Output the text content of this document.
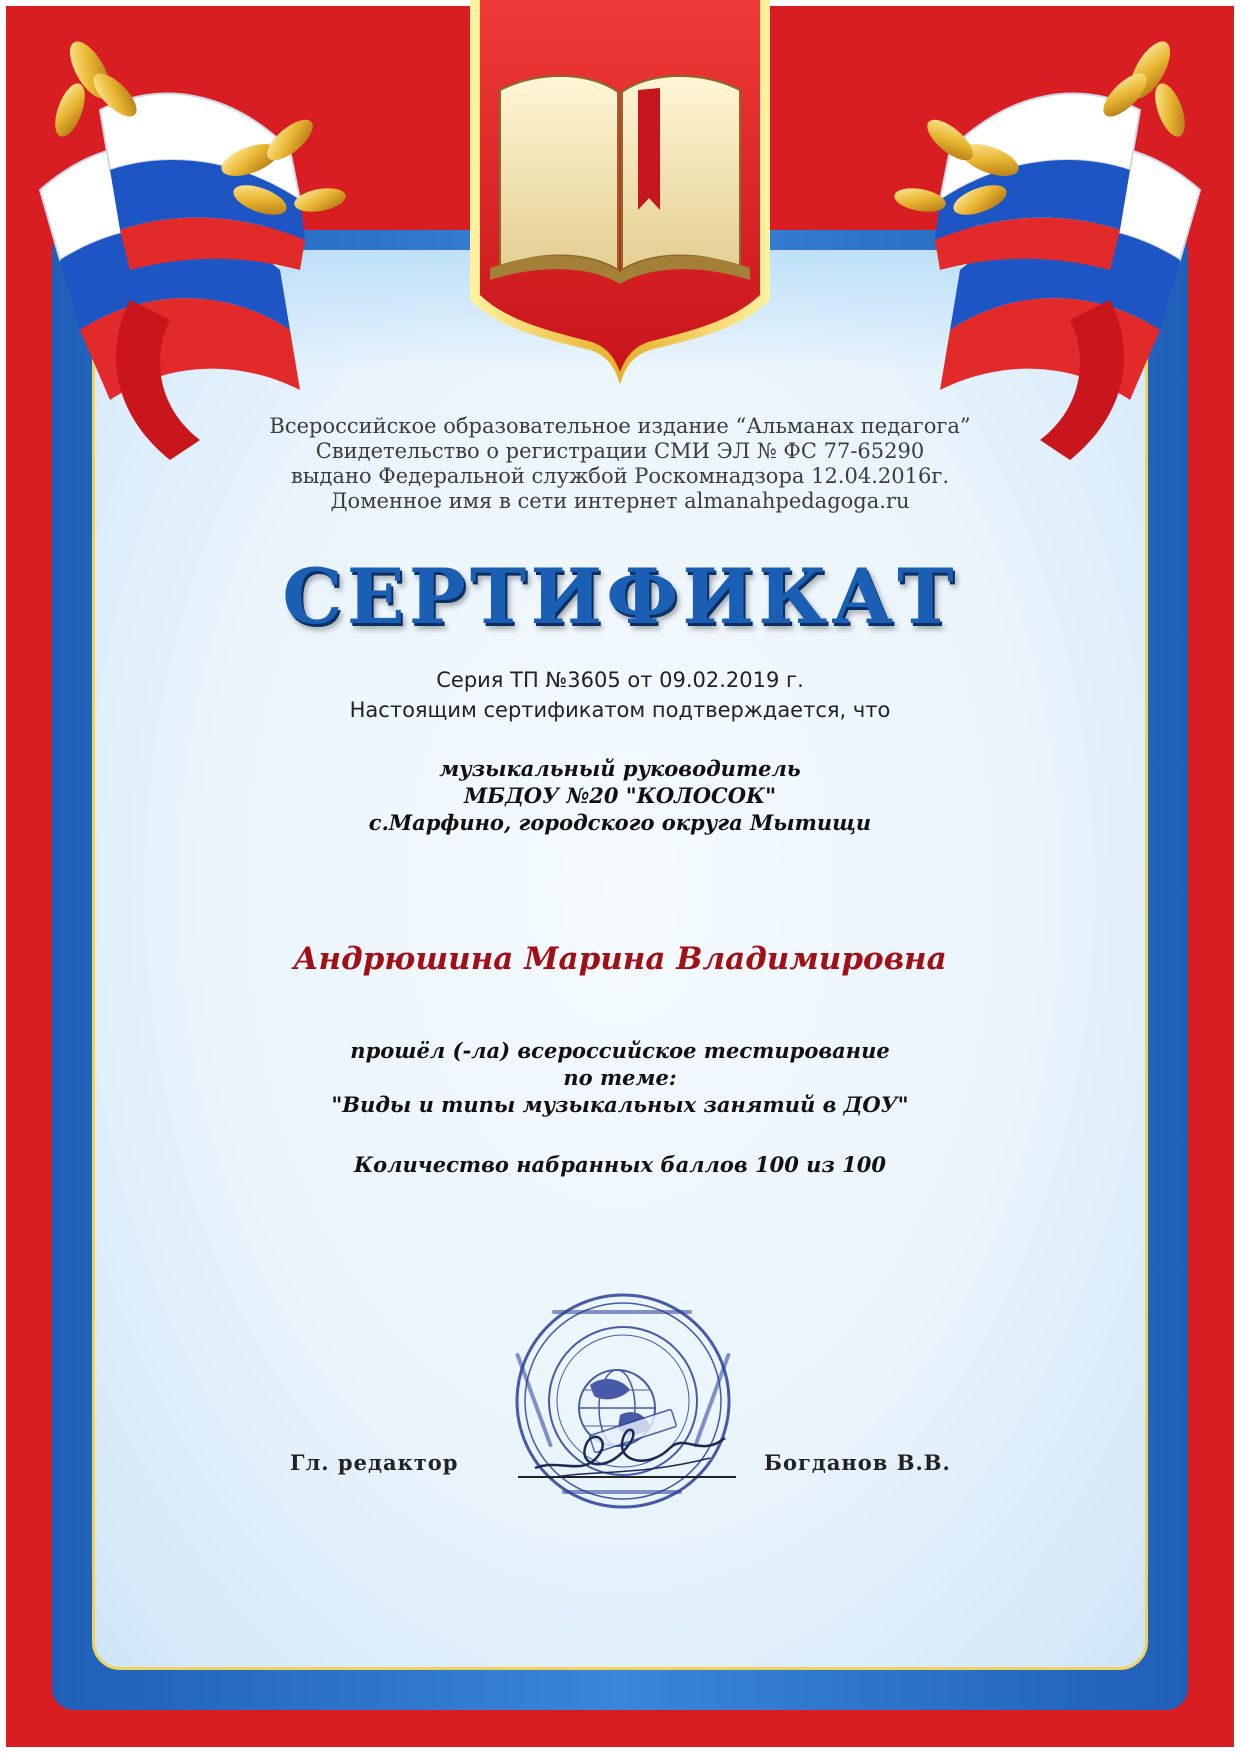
Всероссийское образовательное издание “Альманах педагога”
Свидетельство о регистрации СМИ ЭЛ № ФС 77-65290
выдано Федеральной службой Роскомнадзора 12.04.2016г.
Доменное имя в сети интернет almanahpedagoga.ru
СЕРТИФИКАТ
Серия ТП №3605 от 09.02.2019 г.
Настоящим сертификатом подтверждается, что
музыкальный руководитель
МБДОУ №20 "КОЛОСОК"
с.Марфино, городского округа Мытищи
Андрюшина Марина Владимировна
прошёл (-ла) всероссийское тестирование
по теме:
"Виды и типы музыкальных занятий в ДОУ"
Количество набранных баллов 100 из 100
Гл. редактор	Богданов В.В.
